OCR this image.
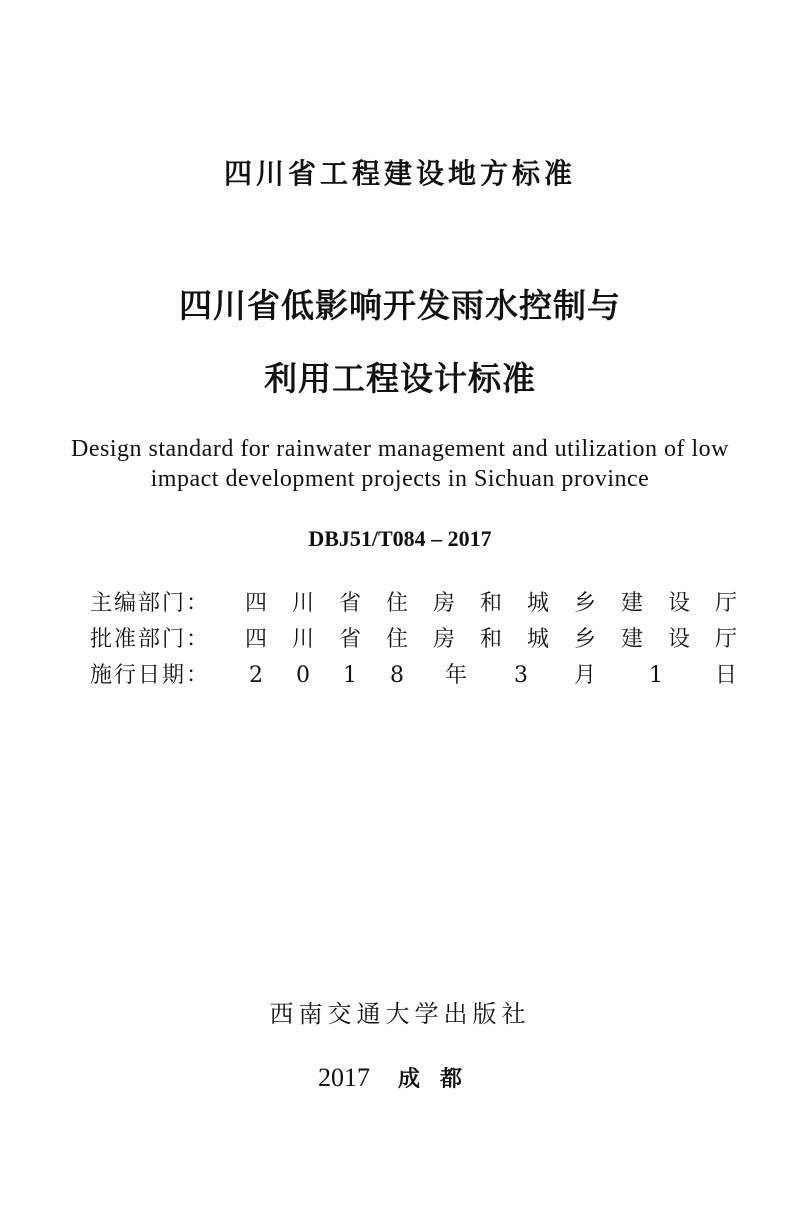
四川省工程建设地方标准
四川省低影响开发雨水控制与
利用工程设计标准
Design standard for rainwater management and utilization of low
impact development projects in Sichuan province
DBJ51/T084 – 2017
主编部门： 四 川 省 住 房 和 城 乡 建 设 厅
批准部门： 四 川 省 住 房 和 城 乡 建 设 厅
施行日期： 2 0 1 8 年 3 月 1 日
西南交通大学出版社
2017 成都
